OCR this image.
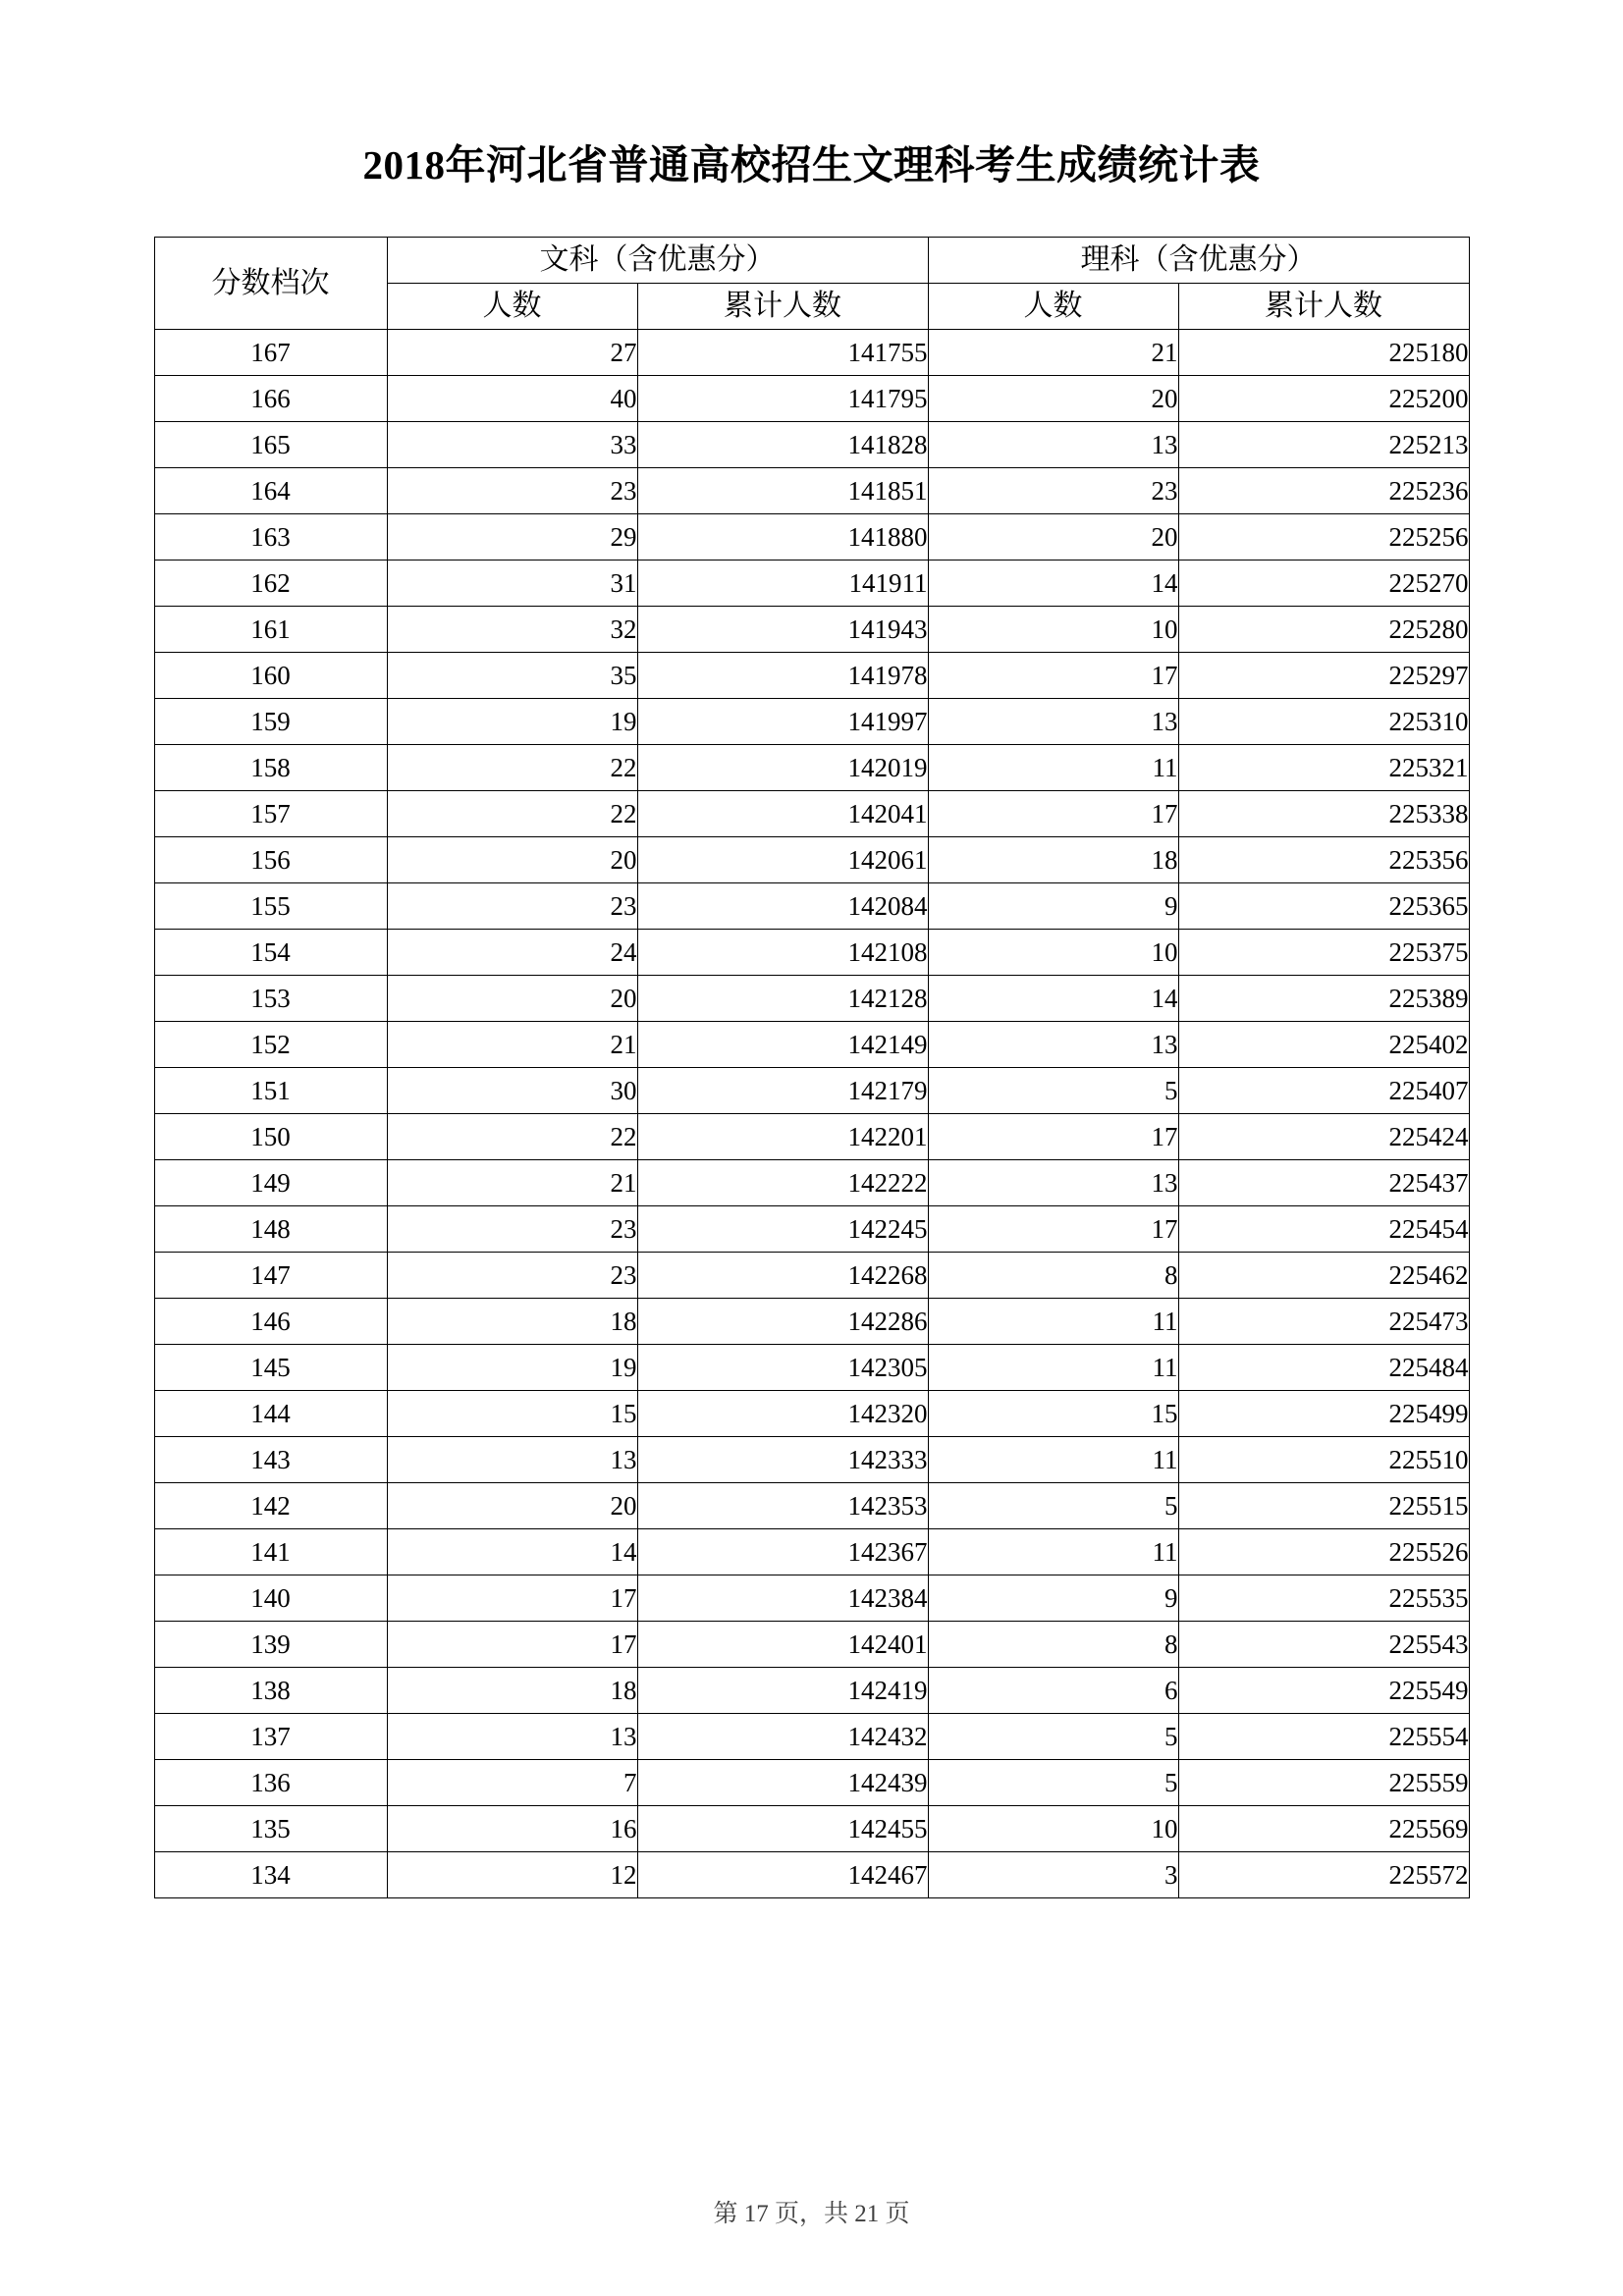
2018年河北省普通高校招生文理科考生成绩统计表
分数档次	文科（含优惠分）		理科（含优惠分）	
	人数	累计人数	人数	累计人数
167	27	141755	21	225180
166	40	141795	20	225200
165	33	141828	13	225213
164	23	141851	23	225236
163	29	141880	20	225256
162	31	141911	14	225270
161	32	141943	10	225280
160	35	141978	17	225297
159	19	141997	13	225310
158	22	142019	11	225321
157	22	142041	17	225338
156	20	142061	18	225356
155	23	142084	9	225365
154	24	142108	10	225375
153	20	142128	14	225389
152	21	142149	13	225402
151	30	142179	5	225407
150	22	142201	17	225424
149	21	142222	13	225437
148	23	142245	17	225454
147	23	142268	8	225462
146	18	142286	11	225473
145	19	142305	11	225484
144	15	142320	15	225499
143	13	142333	11	225510
142	20	142353	5	225515
141	14	142367	11	225526
140	17	142384	9	225535
139	17	142401	8	225543
138	18	142419	6	225549
137	13	142432	5	225554
136	7	142439	5	225559
135	16	142455	10	225569
134	12	142467	3	225572
第 17 页，共 21 页
